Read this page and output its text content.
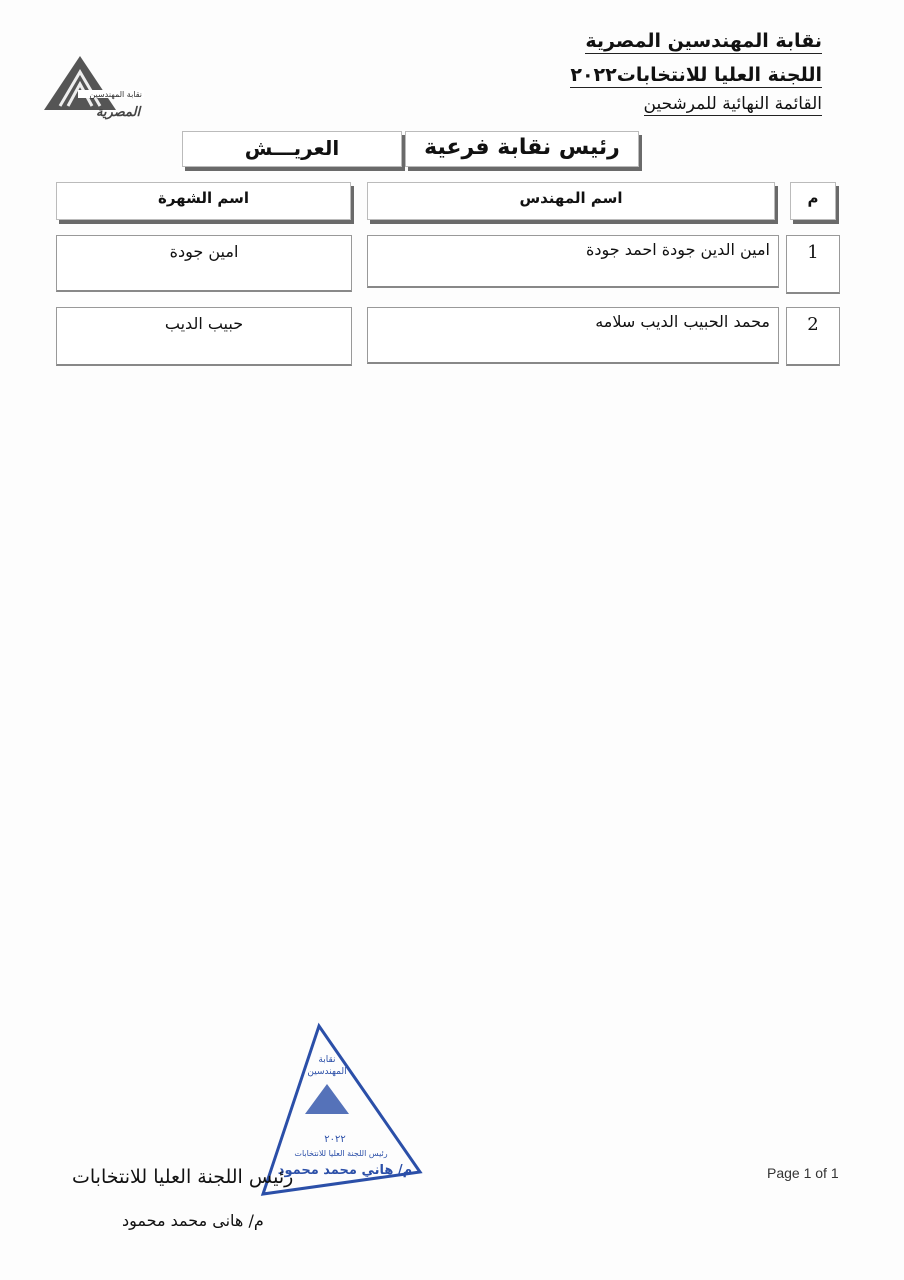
نقابة المهندسين
المصرية
نقابة المهندسين المصرية
اللجنة العليا للانتخابات٢٠٢٢
القائمة النهائية للمرشحين
رئيس نقابة فرعية
العريـــش
م
اسم المهندس
اسم الشهرة
1
امين الدين جودة احمد جودة
امين جودة
2
محمد الحبيب الديب سلامه
حبيب الديب
نقابة
المهندسين
٢٠٢٢
رئيس اللجنة العليا للانتخابات
م/ هاني محمد محمود
رئيس اللجنة العليا للانتخابات
م/ هانى محمد محمود
Page 1 of 1
